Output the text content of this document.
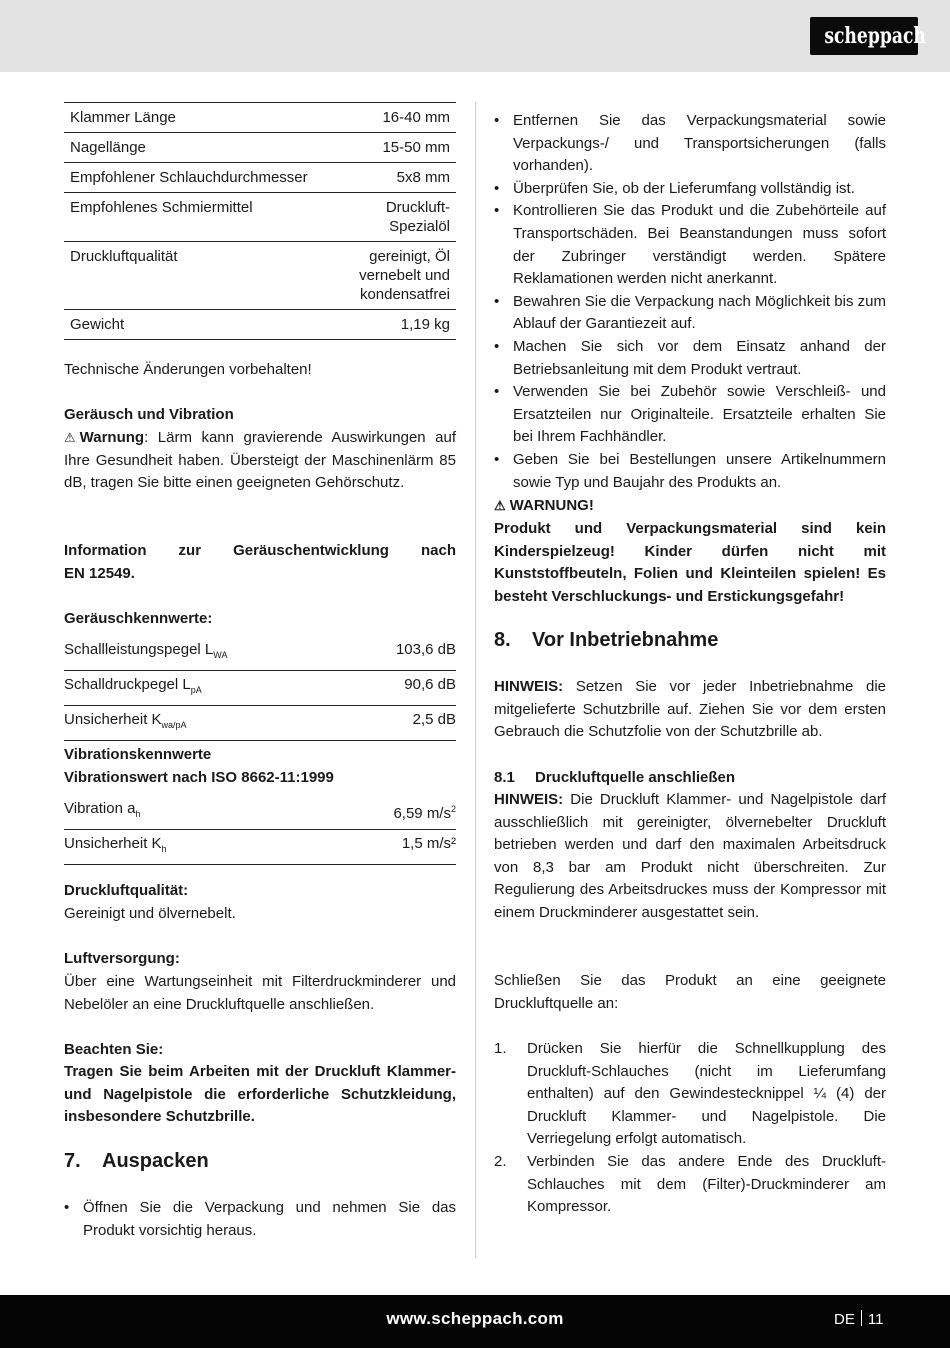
scheppach
Klammer Länge	16-40 mm
Nagellänge	15-50 mm
Empfohlener Schlauchdurchmesser	5x8 mm
Empfohlenes Schmiermittel	Druckluft-
Spezialöl
Druckluftqualität	gereinigt, Öl
vernebelt und
kondensatfrei
Gewicht	1,19 kg
Technische Änderungen vorbehalten!
Geräusch und Vibration
⚠ Warnung: Lärm kann gravierende Auswirkungen auf Ihre Gesundheit haben. Übersteigt der Maschinenlärm 85 dB, tragen Sie bitte einen geeigneten Gehörschutz.
Information zur Geräuschentwicklung nach
EN 12549.
Geräuschkennwerte:
Schallleistungspegel $L_{WA}$	103,6 dB
Schalldruckpegel $L_{pA}$	90,6 dB
Unsicherheit $K_{wa/pA}$	2,5 dB
Vibrationskennwerte
Vibrationswert nach ISO 8662-11:1999
Vibration $a_h$	6,59 $m/s^2$
Unsicherheit $K_h$	1,5 m/s²
Druckluftqualität:
Gereinigt und ölvernebelt.
Luftversorgung:
Über eine Wartungseinheit mit Filterdruckminderer und Nebelöler an eine Druckluftquelle anschließen.
Beachten Sie:
Tragen Sie beim Arbeiten mit der Druckluft Klammer- und Nagelpistole die erforderliche Schutzkleidung, insbesondere Schutzbrille.
7. Auspacken
• Öffnen Sie die Verpackung und nehmen Sie das Produkt vorsichtig heraus.
• Entfernen Sie das Verpackungsmaterial sowie Verpackungs-/ und Transportsicherungen (falls vorhanden).
• Überprüfen Sie, ob der Lieferumfang vollständig ist.
• Kontrollieren Sie das Produkt und die Zubehörteile auf Transportschäden. Bei Beanstandungen muss sofort der Zubringer verständigt werden. Spätere Reklamationen werden nicht anerkannt.
• Bewahren Sie die Verpackung nach Möglichkeit bis zum Ablauf der Garantiezeit auf.
• Machen Sie sich vor dem Einsatz anhand der Betriebsanleitung mit dem Produkt vertraut.
• Verwenden Sie bei Zubehör sowie Verschleiß- und Ersatzteilen nur Originalteile. Ersatzteile erhalten Sie bei Ihrem Fachhändler.
• Geben Sie bei Bestellungen unsere Artikelnummern sowie Typ und Baujahr des Produkts an.
⚠ WARNUNG!
Produkt und Verpackungsmaterial sind kein Kinderspielzeug! Kinder dürfen nicht mit Kunststoffbeuteln, Folien und Kleinteilen spielen! Es besteht Verschluckungs- und Erstickungsgefahr!
8. Vor Inbetriebnahme
HINWEIS: Setzen Sie vor jeder Inbetriebnahme die mitgelieferte Schutzbrille auf. Ziehen Sie vor dem ersten Gebrauch die Schutzfolie von der Schutzbrille ab.
8.1 Druckluftquelle anschließen
HINWEIS: Die Druckluft Klammer- und Nagelpistole darf ausschließlich mit gereinigter, ölvernebelter Druckluft betrieben werden und darf den maximalen Arbeitsdruck von 8,3 bar am Produkt nicht überschreiten. Zur Regulierung des Arbeitsdruckes muss der Kompressor mit einem Druckminderer ausgestattet sein.
Schließen Sie das Produkt an eine geeignete Druckluftquelle an:
1. Drücken Sie hierfür die Schnellkupplung des Druckluft-Schlauches (nicht im Lieferumfang enthalten) auf den Gewindestecknippel ¼ (4) der Druckluft Klammer- und Nagelpistole. Die Verriegelung erfolgt automatisch.
2. Verbinden Sie das andere Ende des Druckluft-Schlauches mit dem (Filter)-Druckminderer am Kompressor.
www.scheppach.com	DE 11
